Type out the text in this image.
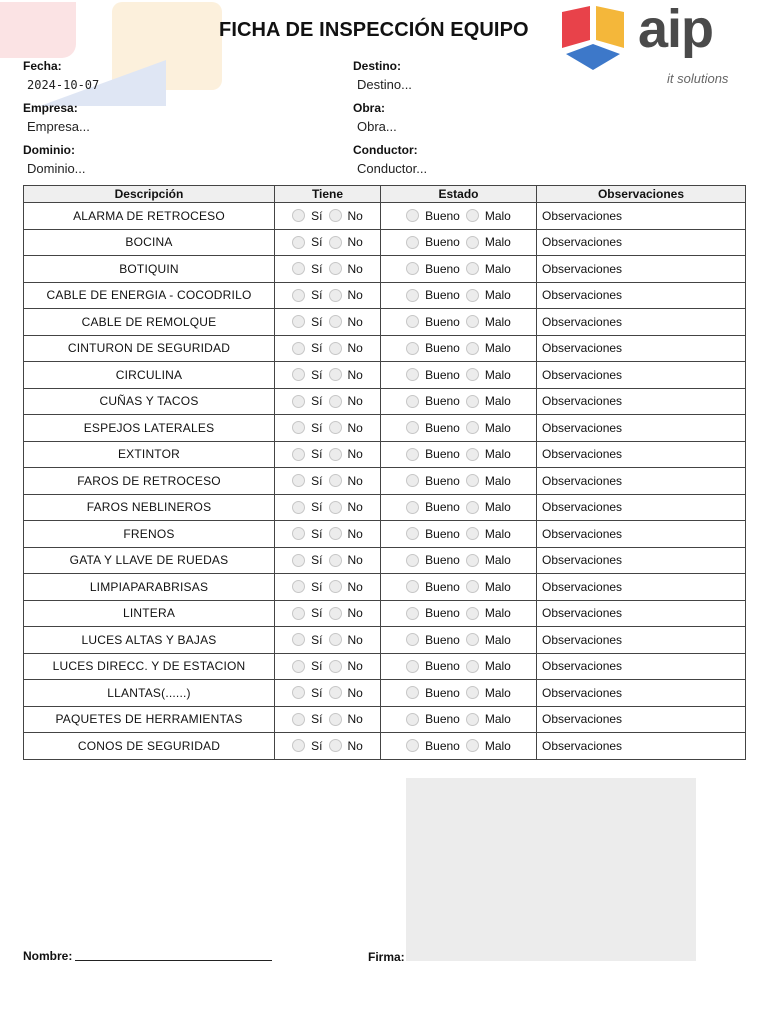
FICHA DE INSPECCIÓN EQUIPO aip
it solutions
Fecha:
2024-10-07
Destino:
Destino...
Empresa:
Empresa...
Obra:
Obra...
Dominio:
Dominio...
Conductor:
Conductor...
Descripción	Tiene	Estado	Observaciones
ALARMA DE RETROCESO	Sí No	Bueno Malo	Observaciones
BOCINA	Sí No	Bueno Malo	Observaciones
BOTIQUIN	Sí No	Bueno Malo	Observaciones
CABLE DE ENERGIA - COCODRILO	Sí No	Bueno Malo	Observaciones
CABLE DE REMOLQUE	Sí No	Bueno Malo	Observaciones
CINTURON DE SEGURIDAD	Sí No	Bueno Malo	Observaciones
CIRCULINA	Sí No	Bueno Malo	Observaciones
CUÑAS Y TACOS	Sí No	Bueno Malo	Observaciones
ESPEJOS LATERALES	Sí No	Bueno Malo	Observaciones
EXTINTOR	Sí No	Bueno Malo	Observaciones
FAROS DE RETROCESO	Sí No	Bueno Malo	Observaciones
FAROS NEBLINEROS	Sí No	Bueno Malo	Observaciones
FRENOS	Sí No	Bueno Malo	Observaciones
GATA Y LLAVE DE RUEDAS	Sí No	Bueno Malo	Observaciones
LIMPIAPARABRISAS	Sí No	Bueno Malo	Observaciones
LINTERA	Sí No	Bueno Malo	Observaciones
LUCES ALTAS Y BAJAS	Sí No	Bueno Malo	Observaciones
LUCES DIRECC. Y DE ESTACION	Sí No	Bueno Malo	Observaciones
LLANTAS(......)	Sí No	Bueno Malo	Observaciones
PAQUETES DE HERRAMIENTAS	Sí No	Bueno Malo	Observaciones
CONOS DE SEGURIDAD	Sí No	Bueno Malo	Observaciones
Nombre:	Firma:
